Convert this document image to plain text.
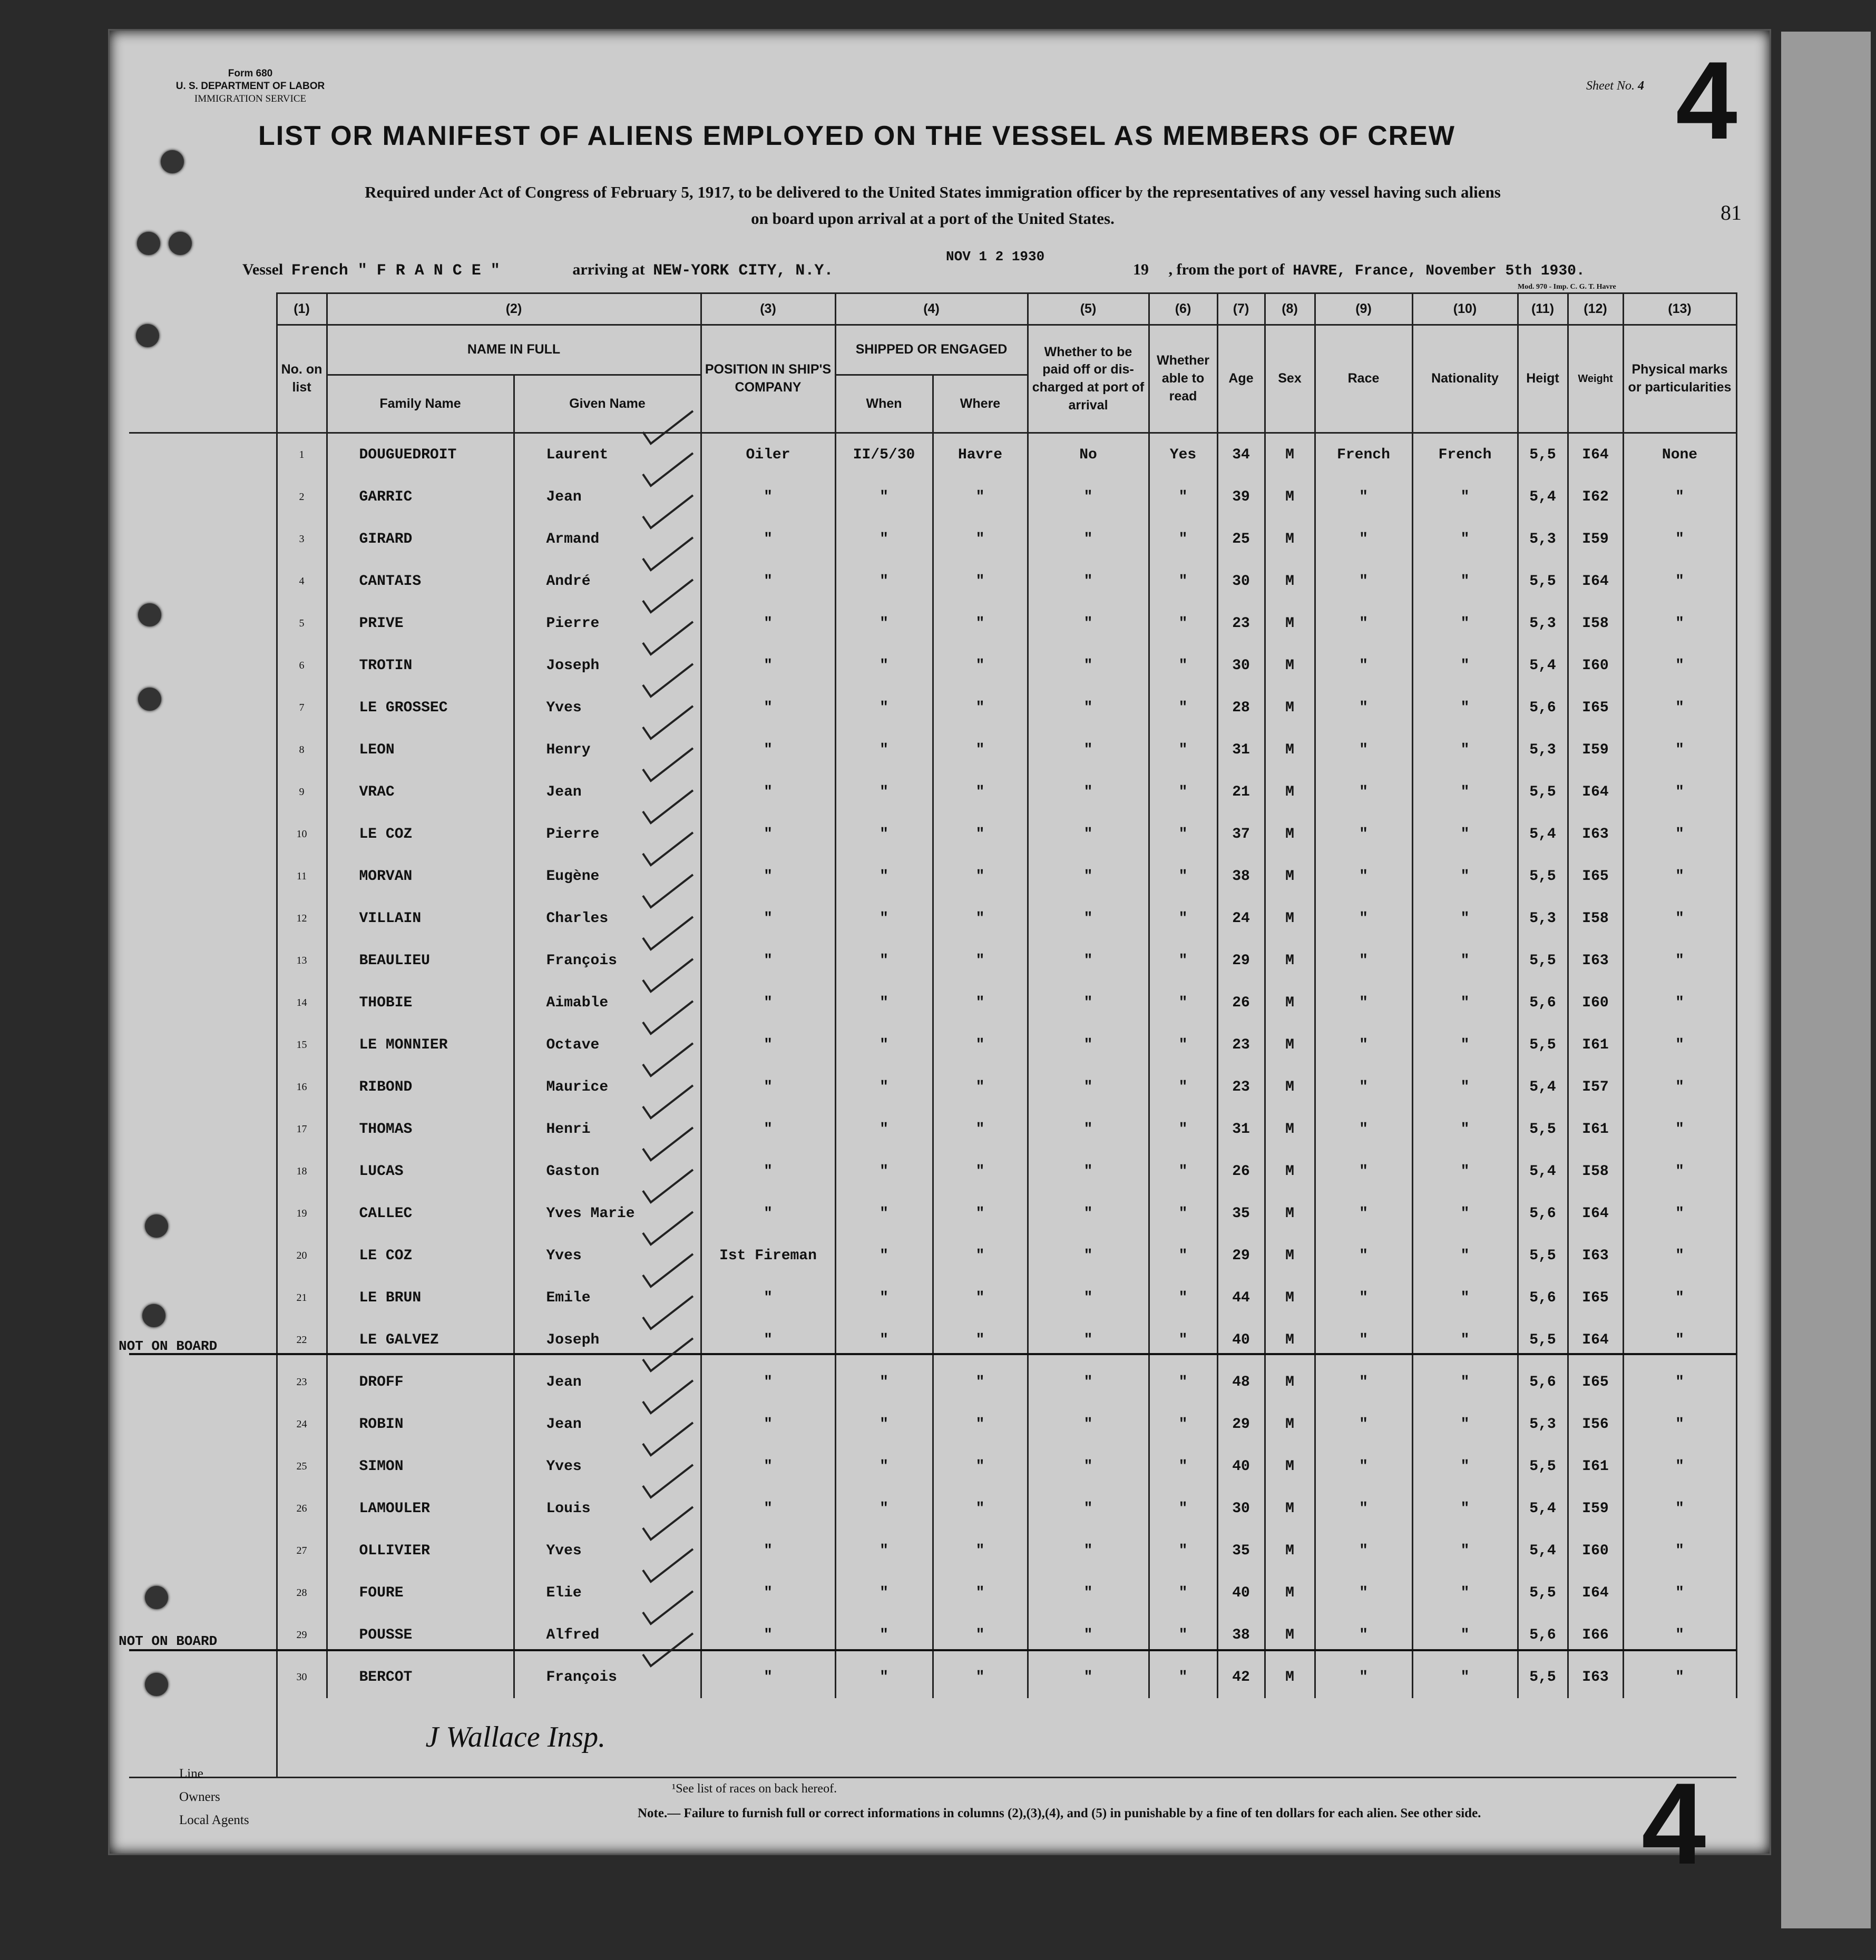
Form 680
U. S. DEPARTMENT OF LABOR
IMMIGRATION SERVICE
Sheet No. 4 4
81
LIST OR MANIFEST OF ALIENS EMPLOYED ON THE VESSEL AS MEMBERS OF CREW
Required under Act of Congress of February 5, 1917, to be delivered to the United States immigration officer by the representatives of any vessel having such aliens
on board upon arrival at a port of the United States.
Vessel French " F R A N C E "	arriving at NEW-YORK CITY, N.Y.
NOV 1 2 1930
19 , from the port of HAVRE, France, November 5th 1930.
Mod. 970 - Imp. C. G. T. Havre
	(1)	(2)		(3)	(4)		(5)	(6)	(7)	(8)	(9)	(10)	(11)	(12)	(13)
	No. on list	NAME IN FULL		POSITION IN SHIP'S COMPANY	SHIPPED OR ENGAGED		Whether to be paid off or dis-charged at port of arrival	Whether able to read	Age	Sex	Race	Nationality	Heigt	Weight	Physical marks or particularities
		Family Name	Given Name		When	Where									
	1	DOUGUEDROIT	Laurent	Oiler	II/5/30	Havre	No	Yes	34	M	French	French	5,5	I64	None
	2	GARRIC	Jean	"	"	"	"	"	39	M	"	"	5,4	I62	"
	3	GIRARD	Armand	"	"	"	"	"	25	M	"	"	5,3	I59	"
	4	CANTAIS	André	"	"	"	"	"	30	M	"	"	5,5	I64	"
	5	PRIVE	Pierre	"	"	"	"	"	23	M	"	"	5,3	I58	"
	6	TROTIN	Joseph	"	"	"	"	"	30	M	"	"	5,4	I60	"
	7	LE GROSSEC	Yves	"	"	"	"	"	28	M	"	"	5,6	I65	"
	8	LEON	Henry	"	"	"	"	"	31	M	"	"	5,3	I59	"
	9	VRAC	Jean	"	"	"	"	"	21	M	"	"	5,5	I64	"
	10	LE COZ	Pierre	"	"	"	"	"	37	M	"	"	5,4	I63	"
	11	MORVAN	Eugène	"	"	"	"	"	38	M	"	"	5,5	I65	"
	12	VILLAIN	Charles	"	"	"	"	"	24	M	"	"	5,3	I58	"
	13	BEAULIEU	François	"	"	"	"	"	29	M	"	"	5,5	I63	"
	14	THOBIE	Aimable	"	"	"	"	"	26	M	"	"	5,6	I60	"
	15	LE MONNIER	Octave	"	"	"	"	"	23	M	"	"	5,5	I61	"
	16	RIBOND	Maurice	"	"	"	"	"	23	M	"	"	5,4	I57	"
	17	THOMAS	Henri	"	"	"	"	"	31	M	"	"	5,5	I61	"
	18	LUCAS	Gaston	"	"	"	"	"	26	M	"	"	5,4	I58	"
	19	CALLEC	Yves Marie	"	"	"	"	"	35	M	"	"	5,6	I64	"
	20	LE COZ	Yves	Ist Fireman	"	"	"	"	29	M	"	"	5,5	I63	"
	21	LE BRUN	Emile	"	"	"	"	"	44	M	"	"	5,6	I65	"
	22	LE GALVEZ	Joseph	"	"	"	"	"	40	M	"	"	5,5	I64	"
	23	DROFF	Jean	"	"	"	"	"	48	M	"	"	5,6	I65	"
	24	ROBIN	Jean	"	"	"	"	"	29	M	"	"	5,3	I56	"
	25	SIMON	Yves	"	"	"	"	"	40	M	"	"	5,5	I61	"
	26	LAMOULER	Louis	"	"	"	"	"	30	M	"	"	5,4	I59	"
	27	OLLIVIER	Yves	"	"	"	"	"	35	M	"	"	5,4	I60	"
	28	FOURE	Elie	"	"	"	"	"	40	M	"	"	5,5	I64	"
	29	POUSSE	Alfred	"	"	"	"	"	38	M	"	"	5,6	I66	"
	30	BERCOT	François	"	"	"	"	"	42	M	"	"	5,5	I63	"
	J Wallace Insp.														
NOT ON BOARD
NOT ON BOARD
Line
Owners
Local Agents
¹See list of races on back hereof.
Note.— Failure to furnish full or correct informations in columns (2),(3),(4), and (5) in punishable by a fine of ten dollars for each alien. See other side. 4
